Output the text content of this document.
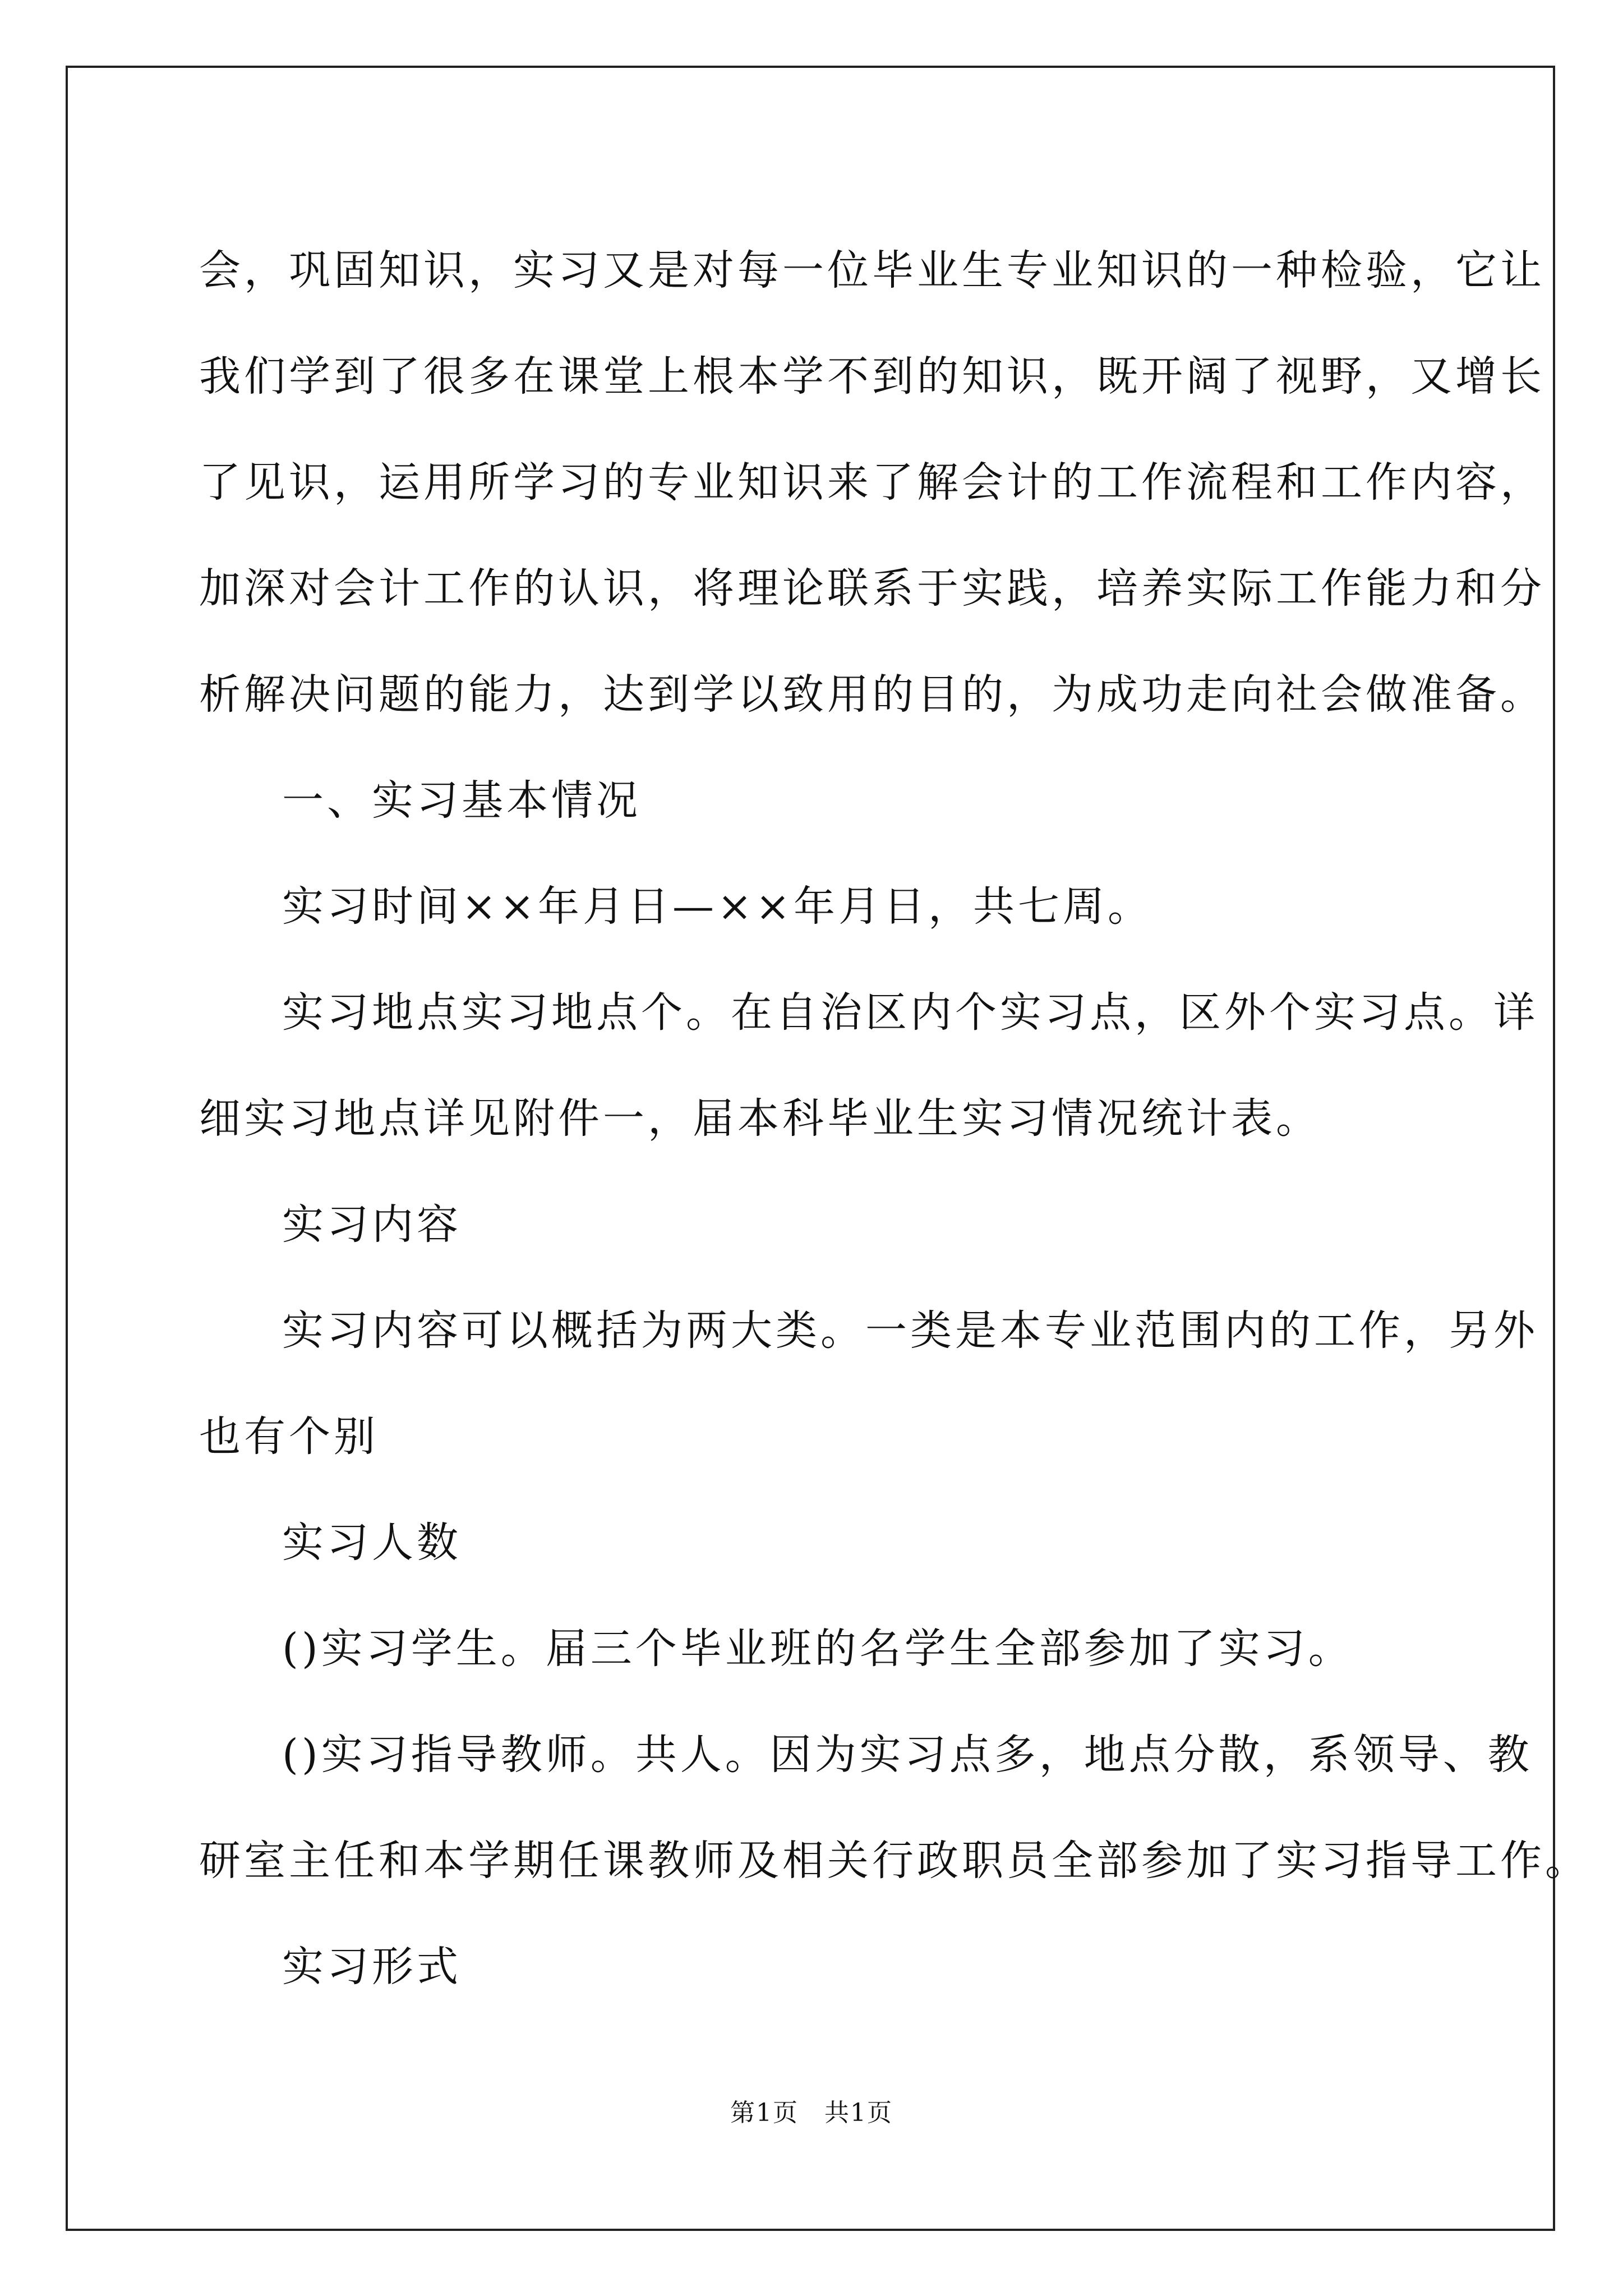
会，巩固知识，实习又是对每一位毕业生专业知识的一种检验，它让
我们学到了很多在课堂上根本学不到的知识，既开阔了视野，又增长
了见识，运用所学习的专业知识来了解会计的工作流程和工作内容，
加深对会计工作的认识，将理论联系于实践，培养实际工作能力和分
析解决问题的能力，达到学以致用的目的，为成功走向社会做准备。
一、实习基本情况
实习时间××年月日—××年月日，共七周。
实习地点实习地点个。在自治区内个实习点，区外个实习点。详
细实习地点详见附件一，届本科毕业生实习情况统计表。
实习内容
实习内容可以概括为两大类。一类是本专业范围内的工作，另外
也有个别
实习人数
()实习学生。届三个毕业班的名学生全部参加了实习。
()实习指导教师。共人。因为实习点多，地点分散，系领导、教
研室主任和本学期任课教师及相关行政职员全部参加了实习指导工作。
实习形式
第1页　共1页
